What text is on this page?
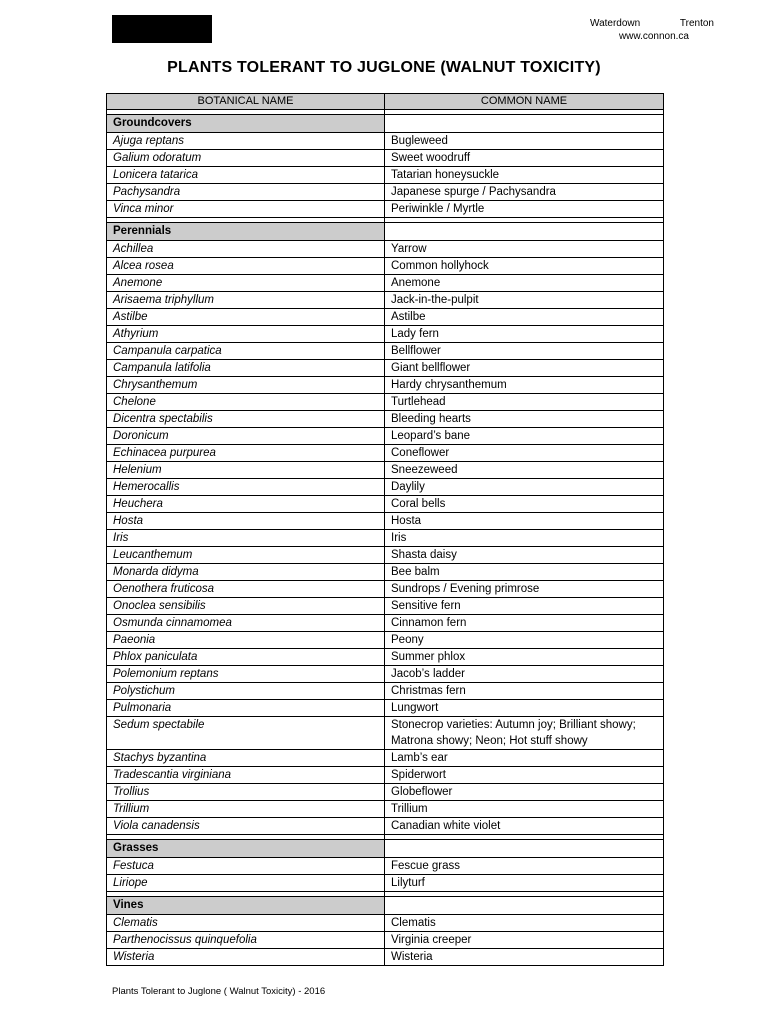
Waterdown	Trenton
www.connon.ca
PLANTS TOLERANT TO JUGLONE (WALNUT TOXICITY)
BOTANICAL NAME	COMMON NAME

Groundcovers	
Ajuga reptans	Bugleweed
Galium odoratum	Sweet woodruff
Lonicera tatarica	Tatarian honeysuckle
Pachysandra	Japanese spurge / Pachysandra
Vinca minor	Periwinkle / Myrtle

Perennials	
Achillea	Yarrow
Alcea rosea	Common hollyhock
Anemone	Anemone
Arisaema triphyllum	Jack-in-the-pulpit
Astilbe	Astilbe
Athyrium	Lady fern
Campanula carpatica	Bellflower
Campanula latifolia	Giant bellflower
Chrysanthemum	Hardy chrysanthemum
Chelone	Turtlehead
Dicentra spectabilis	Bleeding hearts
Doronicum	Leopard’s bane
Echinacea purpurea	Coneflower
Helenium	Sneezeweed
Hemerocallis	Daylily
Heuchera	Coral bells
Hosta	Hosta
Iris	Iris
Leucanthemum	Shasta daisy
Monarda didyma	Bee balm
Oenothera fruticosa	Sundrops / Evening primrose
Onoclea sensibilis	Sensitive fern
Osmunda cinnamomea	Cinnamon fern
Paeonia	Peony
Phlox paniculata	Summer phlox
Polemonium reptans	Jacob’s ladder
Polystichum	Christmas fern
Pulmonaria	Lungwort
Sedum spectabile	Stonecrop varieties: Autumn joy; Brilliant showy; Matrona showy; Neon; Hot stuff showy
Stachys byzantina	Lamb’s ear
Tradescantia virginiana	Spiderwort
Trollius	Globeflower
Trillium	Trillium
Viola canadensis	Canadian white violet

Grasses	
Festuca	Fescue grass
Liriope	Lilyturf

Vines	
Clematis	Clematis
Parthenocissus quinquefolia	Virginia creeper
Wisteria	Wisteria
Plants Tolerant to Juglone ( Walnut Toxicity) - 2016
